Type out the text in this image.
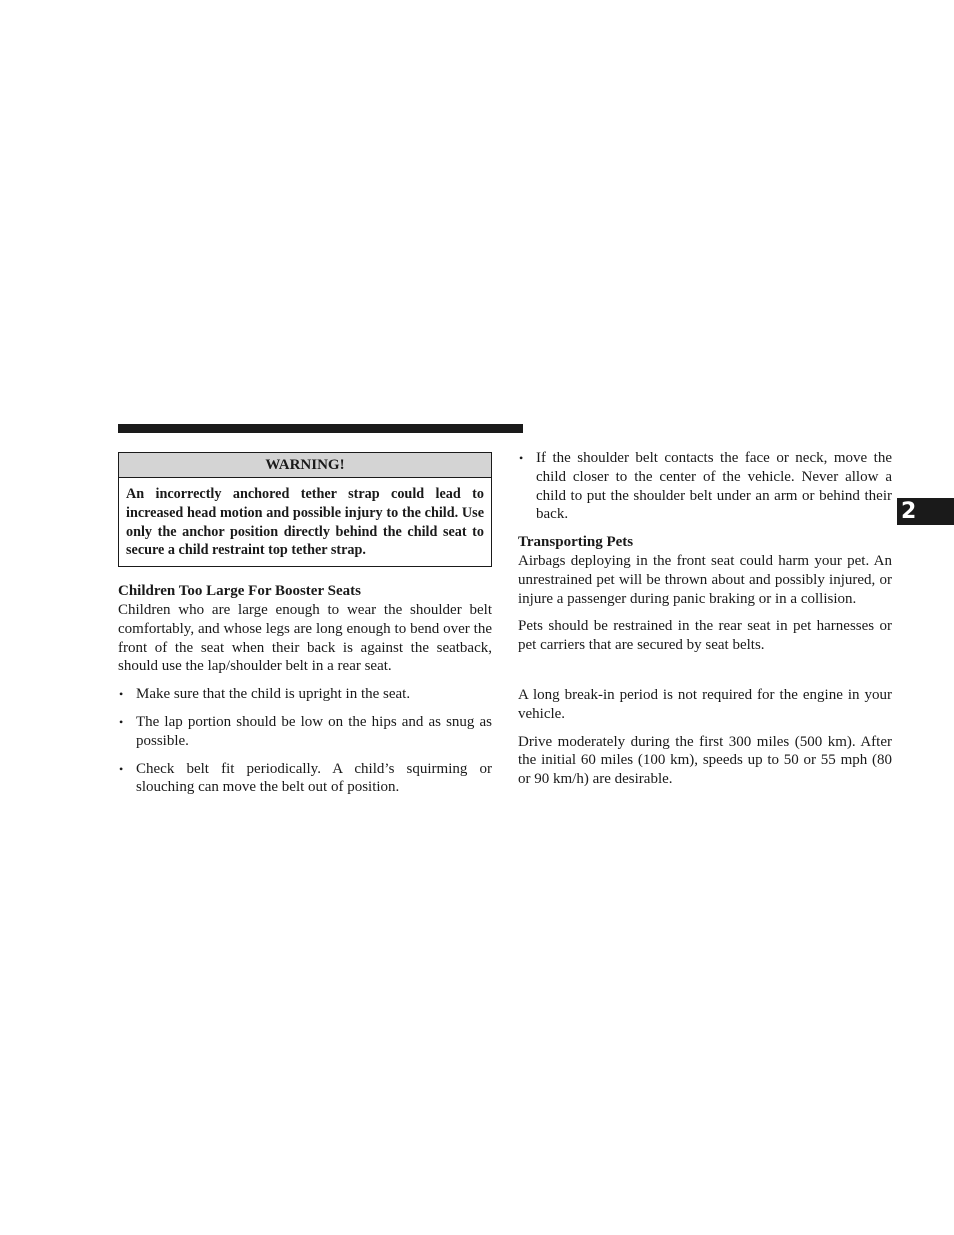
WARNING!
An incorrectly anchored tether strap could lead to increased head motion and possible injury to the child. Use only the anchor position directly behind the child seat to secure a child restraint top tether strap.
Children Too Large For Booster Seats

Children who are large enough to wear the shoulder belt comfortably, and whose legs are long enough to bend over the front of the seat when their back is against the seatback, should use the lap/shoulder belt in a rear seat.

• Make sure that the child is upright in the seat.
• The lap portion should be low on the hips and as snug as possible.
• Check belt fit periodically. A child’s squirming or slouching can move the belt out of position.
• If the shoulder belt contacts the face or neck, move the child closer to the center of the vehicle. Never allow a child to put the shoulder belt under an arm or behind their back.
Transporting Pets

Airbags deploying in the front seat could harm your pet. An unrestrained pet will be thrown about and possibly injured, or injure a passenger during panic braking or in a collision.

Pets should be restrained in the rear seat in pet harnesses or pet carriers that are secured by seat belts.

A long break-in period is not required for the engine in your vehicle.

Drive moderately during the first 300 miles (500 km). After the initial 60 miles (100 km), speeds up to 50 or 55 mph (80 or 90 km/h) are desirable.

2
